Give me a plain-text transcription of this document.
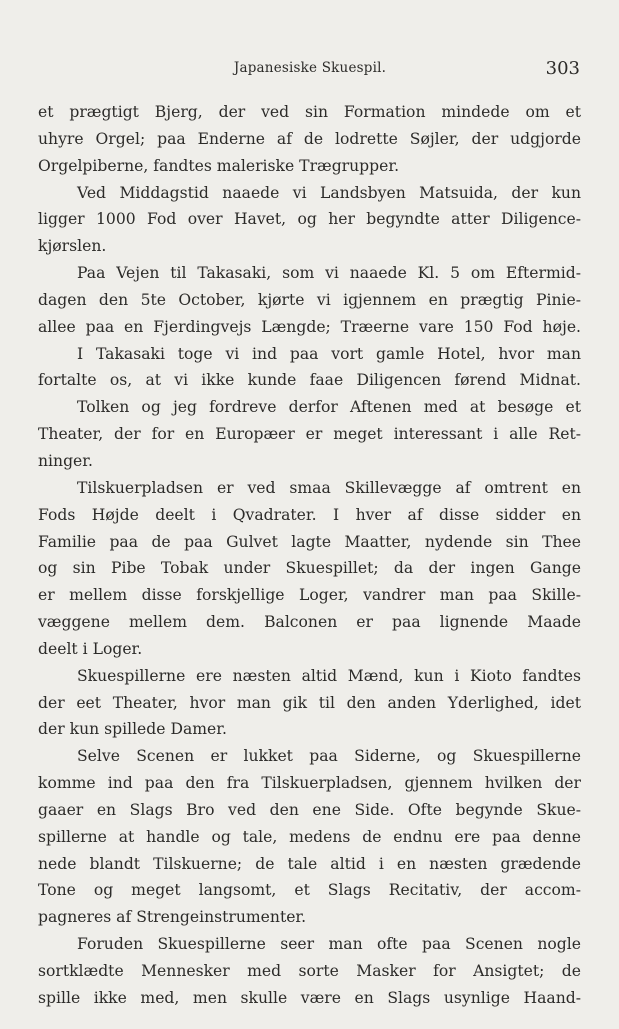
Japanesiske Skuespil.	303
et prægtigt Bjerg, der ved sin Formation mindede om et
uhyre Orgel; paa Enderne af de lodrette Søjler, der udgjorde
Orgelpiberne, fandtes maleriske Trægrupper.
Ved Middagstid naaede vi Landsbyen Matsuida, der kun
ligger 1000 Fod over Havet, og her begyndte atter Diligence-
kjørslen.
Paa Vejen til Takasaki, som vi naaede Kl. 5 om Eftermid-
dagen den 5te October, kjørte vi igjennem en prægtig Pinie-
allee paa en Fjerdingvejs Længde; Træerne vare 150 Fod høje.
I Takasaki toge vi ind paa vort gamle Hotel, hvor man
fortalte os, at vi ikke kunde faae Diligencen førend Midnat.
Tolken og jeg fordreve derfor Aftenen med at besøge et
Theater, der for en Europæer er meget interessant i alle Ret-
ninger.
Tilskuerpladsen er ved smaa Skillevægge af omtrent en
Fods Højde deelt i Qvadrater. I hver af disse sidder en
Familie paa de paa Gulvet lagte Maatter, nydende sin Thee
og sin Pibe Tobak under Skuespillet; da der ingen Gange
er mellem disse forskjellige Loger, vandrer man paa Skille-
væggene mellem dem. Balconen er paa lignende Maade
deelt i Loger.
Skuespillerne ere næsten altid Mænd, kun i Kioto fandtes
der eet Theater, hvor man gik til den anden Yderlighed, idet
der kun spillede Damer.
Selve Scenen er lukket paa Siderne, og Skuespillerne
komme ind paa den fra Tilskuerpladsen, gjennem hvilken der
gaaer en Slags Bro ved den ene Side. Ofte begynde Skue-
spillerne at handle og tale, medens de endnu ere paa denne
nede blandt Tilskuerne; de tale altid i en næsten grædende
Tone og meget langsomt, et Slags Recitativ, der accom-
pagneres af Strengeinstrumenter.
Foruden Skuespillerne seer man ofte paa Scenen nogle
sortklædte Mennesker med sorte Masker for Ansigtet; de
spille ikke med, men skulle være en Slags usynlige Haand-
